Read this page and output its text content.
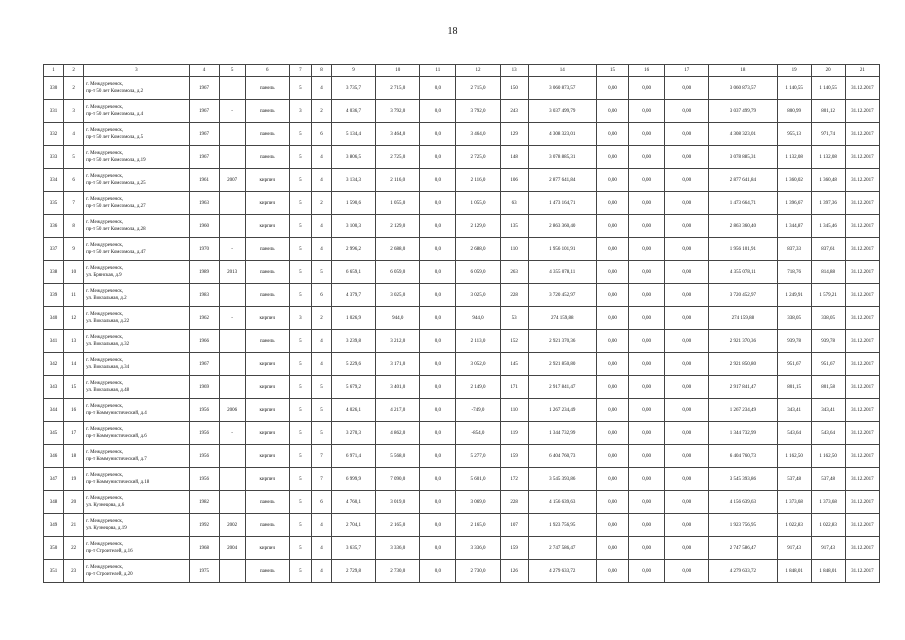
18
1	2	3	4	5	6	7	8	9	10	11	12	13	14	15	16	17	18	19	20	21
330	2	г. Междуреченск,
пр-т 50 лет Комсомола, д.2	1967		панель	5	4	3 735,7	2 715,0	0,0	2 715,0	150	3 060 873,57	0,00	0,00	0,00	3 060 873,57	1 140,55	1 140,55	31.12.2017
331	3	г. Междуреченск,
пр-т 50 лет Комсомола, д.4	1967	-	панель	3	2	4 036,7	3 792,0	0,0	3 792,0	243	3 037 499,79	0,00	0,00	0,00	3 037 499,79	800,99	801,12	31.12.2017
332	4	г. Междуреченск,
пр-т 50 лет Комсомола, д.5	1967		панель	5	6	5 134,4	3 464,0	0,0	3 464,0	129	4 308 323,01	0,00	0,00	0,00	4 308 323,01	955,13	971,74	31.12.2017
333	5	г. Междуреченск,
пр-т 50 лет Комсомола, д.19	1967		панель	5	4	3 806,5	2 725,0	0,0	2 725,0	148	3 078 885,31	0,00	0,00	0,00	3 078 885,31	1 132,08	1 132,08	31.12.2017
334	6	г. Междуреченск,
пр-т 50 лет Комсомола, д.25	1961	2007	кирпич	5	4	3 134,3	2 116,0	0,0	2 116,0	106	2 877 641,84	0,00	0,00	0,00	2 877 641,84	1 360,02	1 360,48	31.12.2017
335	7	г. Междуреченск,
пр-т 50 лет Комсомола, д.27	1963		кирпич	5	2	1 590,6	1 055,0	0,0	1 055,0	63	1 473 164,71	0,00	0,00	0,00	1 473 664,71	1 396,67	1 397,36	31.12.2017
336	8	г. Междуреченск,
пр-т 50 лет Комсомола, д.28	1960		кирпич	5	4	3 100,3	2 129,0	0,0	2 129,0	135	2 863 360,40	0,00	0,00	0,00	2 863 360,40	1 344,87	1 345,46	31.12.2017
337	9	г. Междуреченск,
пр-т 50 лет Комсомола, д.47	1970	-	панель	5	4	2 996,2	2 688,0	0,0	2 688,0	110	1 956 101,91	0,00	0,00	0,00	1 956 101,91	837,33	837,61	31.12.2017
338	10	г. Междуреченск,
ул. Брянская, д.9	1989	2013	панель	5	5	6 659,1	6 059,0	0,0	6 059,0	263	4 355 078,11	0,00	0,00	0,00	4 355 078,11	718,76	814,88	31.12.2017
339	11	г. Междуреченск,
ул. Вокзальная, д.2	1983		панель	5	6	4 379,7	3 025,0	0,0	3 025,0	228	3 720 452,97	0,00	0,00	0,00	3 720 452,97	1 249,91	1 579,21	31.12.2017
340	12	г. Междуреченск,
ул. Вокзальная, д.22	1962	-	кирпич	3	2	1 026,9	944,0	0,0	944,0	53	274 159,88	0,00	0,00	0,00	274 159,88	338,05	338,05	31.12.2017
341	13	г. Междуреченск,
ул. Вокзальная, д.32	1966		панель	5	4	3 239,8	3 212,0	0,0	2 113,0	152	2 921 370,36	0,00	0,00	0,00	2 921 370,36	939,78	939,78	31.12.2017
342	14	г. Междуреченск,
ул. Вокзальная, д.34	1967		кирпич	5	4	5 229,6	3 171,0	0,0	3 052,0	145	2 921 850,80	0,00	0,00	0,00	2 921 850,80	951,67	951,67	31.12.2017
343	15	г. Междуреченск,
ул. Вокзальная, д.48	1969		кирпич	5	5	5 679,2	3 401,0	0,0	2 149,0	171	2 917 841,47	0,00	0,00	0,00	2 917 841,47	801,15	801,58	31.12.2017
344	16	г. Междуреченск,
пр-т Коммунистический, д.4	1956	2006	кирпич	5	5	4 026,1	4 217,0	0,0	-749,0	110	1 267 234,49	0,00	0,00	0,00	1 267 234,49	343,41	343,41	31.12.2017
345	17	г. Междуреченск,
пр-т Коммунистический, д.6	1956	-	кирпич	5	5	3 270,3	4 862,0	0,0	-854,0	119	1 344 732,99	0,00	0,00	0,00	1 344 732,99	543,64	543,64	31.12.2017
346	18	г. Междуреченск,
пр-т Коммунистический, д.7	1956		кирпич	5	7	6 971,4	5 568,0	0,0	5 277,0	159	6 404 760,73	0,00	0,00	0,00	6 404 760,73	1 162,50	1 162,50	31.12.2017
347	19	г. Междуреченск,
пр-т Коммунистический, д.18	1956		кирпич	5	7	6 999,9	7 090,0	0,0	5 601,0	172	3 545 393,86	0,00	0,00	0,00	3 545 393,86	537,48	537,48	31.12.2017
348	20	г. Междуреченск,
ул. Кузнецова, д.6	1982		панель	5	6	4 760,1	3 019,0	0,0	3 069,0	228	4 156 639,63	0,00	0,00	0,00	4 156 639,63	1 373,68	1 373,68	31.12.2017
349	21	г. Междуреченск,
ул. Кузнецова, д.19	1992	2002	панель	5	4	2 704,1	2 165,0	0,0	2 165,0	107	1 923 756,95	0,00	0,00	0,00	1 923 756,95	1 022,83	1 022,83	31.12.2017
350	22	г. Междуреченск,
пр-т Строителей, д.16	1968	2004	кирпич	5	4	3 635,7	3 336,0	0,0	3 336,0	159	2 747 586,47	0,00	0,00	0,00	2 747 586,47	917,43	917,43	31.12.2017
351	23	г. Междуреченск,
пр-т Строителей, д.20	1975		панель	5	4	2 729,8	2 730,0	0,0	2 730,0	126	4 279 633,72	0,00	0,00	0,00	4 279 633,72	1 848,01	1 848,01	31.12.2017
